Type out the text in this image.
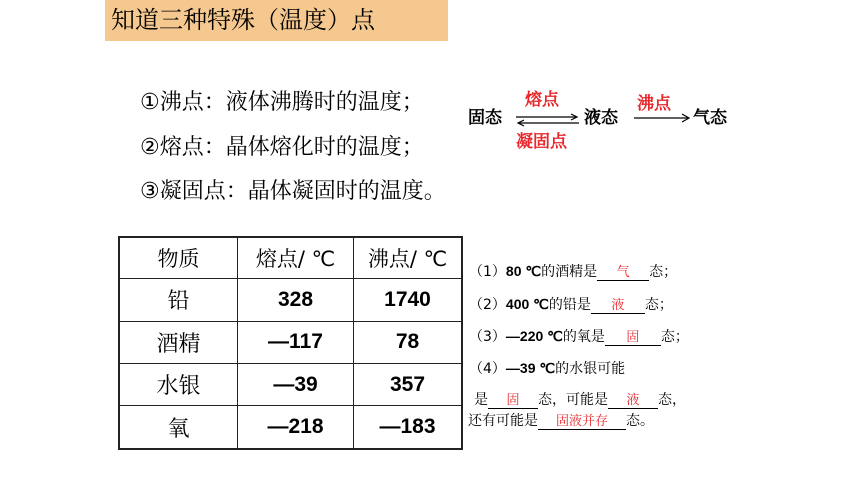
知道三种特殊（温度）点
①沸点：液体沸腾时的温度；
②熔点：晶体熔化时的温度；
③凝固点：晶体凝固时的温度。
熔点
凝固点
沸点
固态	液态	气态
物质	熔点/ ℃	沸点/ ℃
铅	328	1740
酒精	—117	78
水银	—39	357
氧	—218	—183
（1）80 ℃的酒精是 气 态；
（2）400 ℃的铅是 液 态；
（3）—220 ℃的氧是 固 态；
（4）—39 ℃的水银可能
是 固 态，可能是 液 态，
还有可能是 固液并存 态。
